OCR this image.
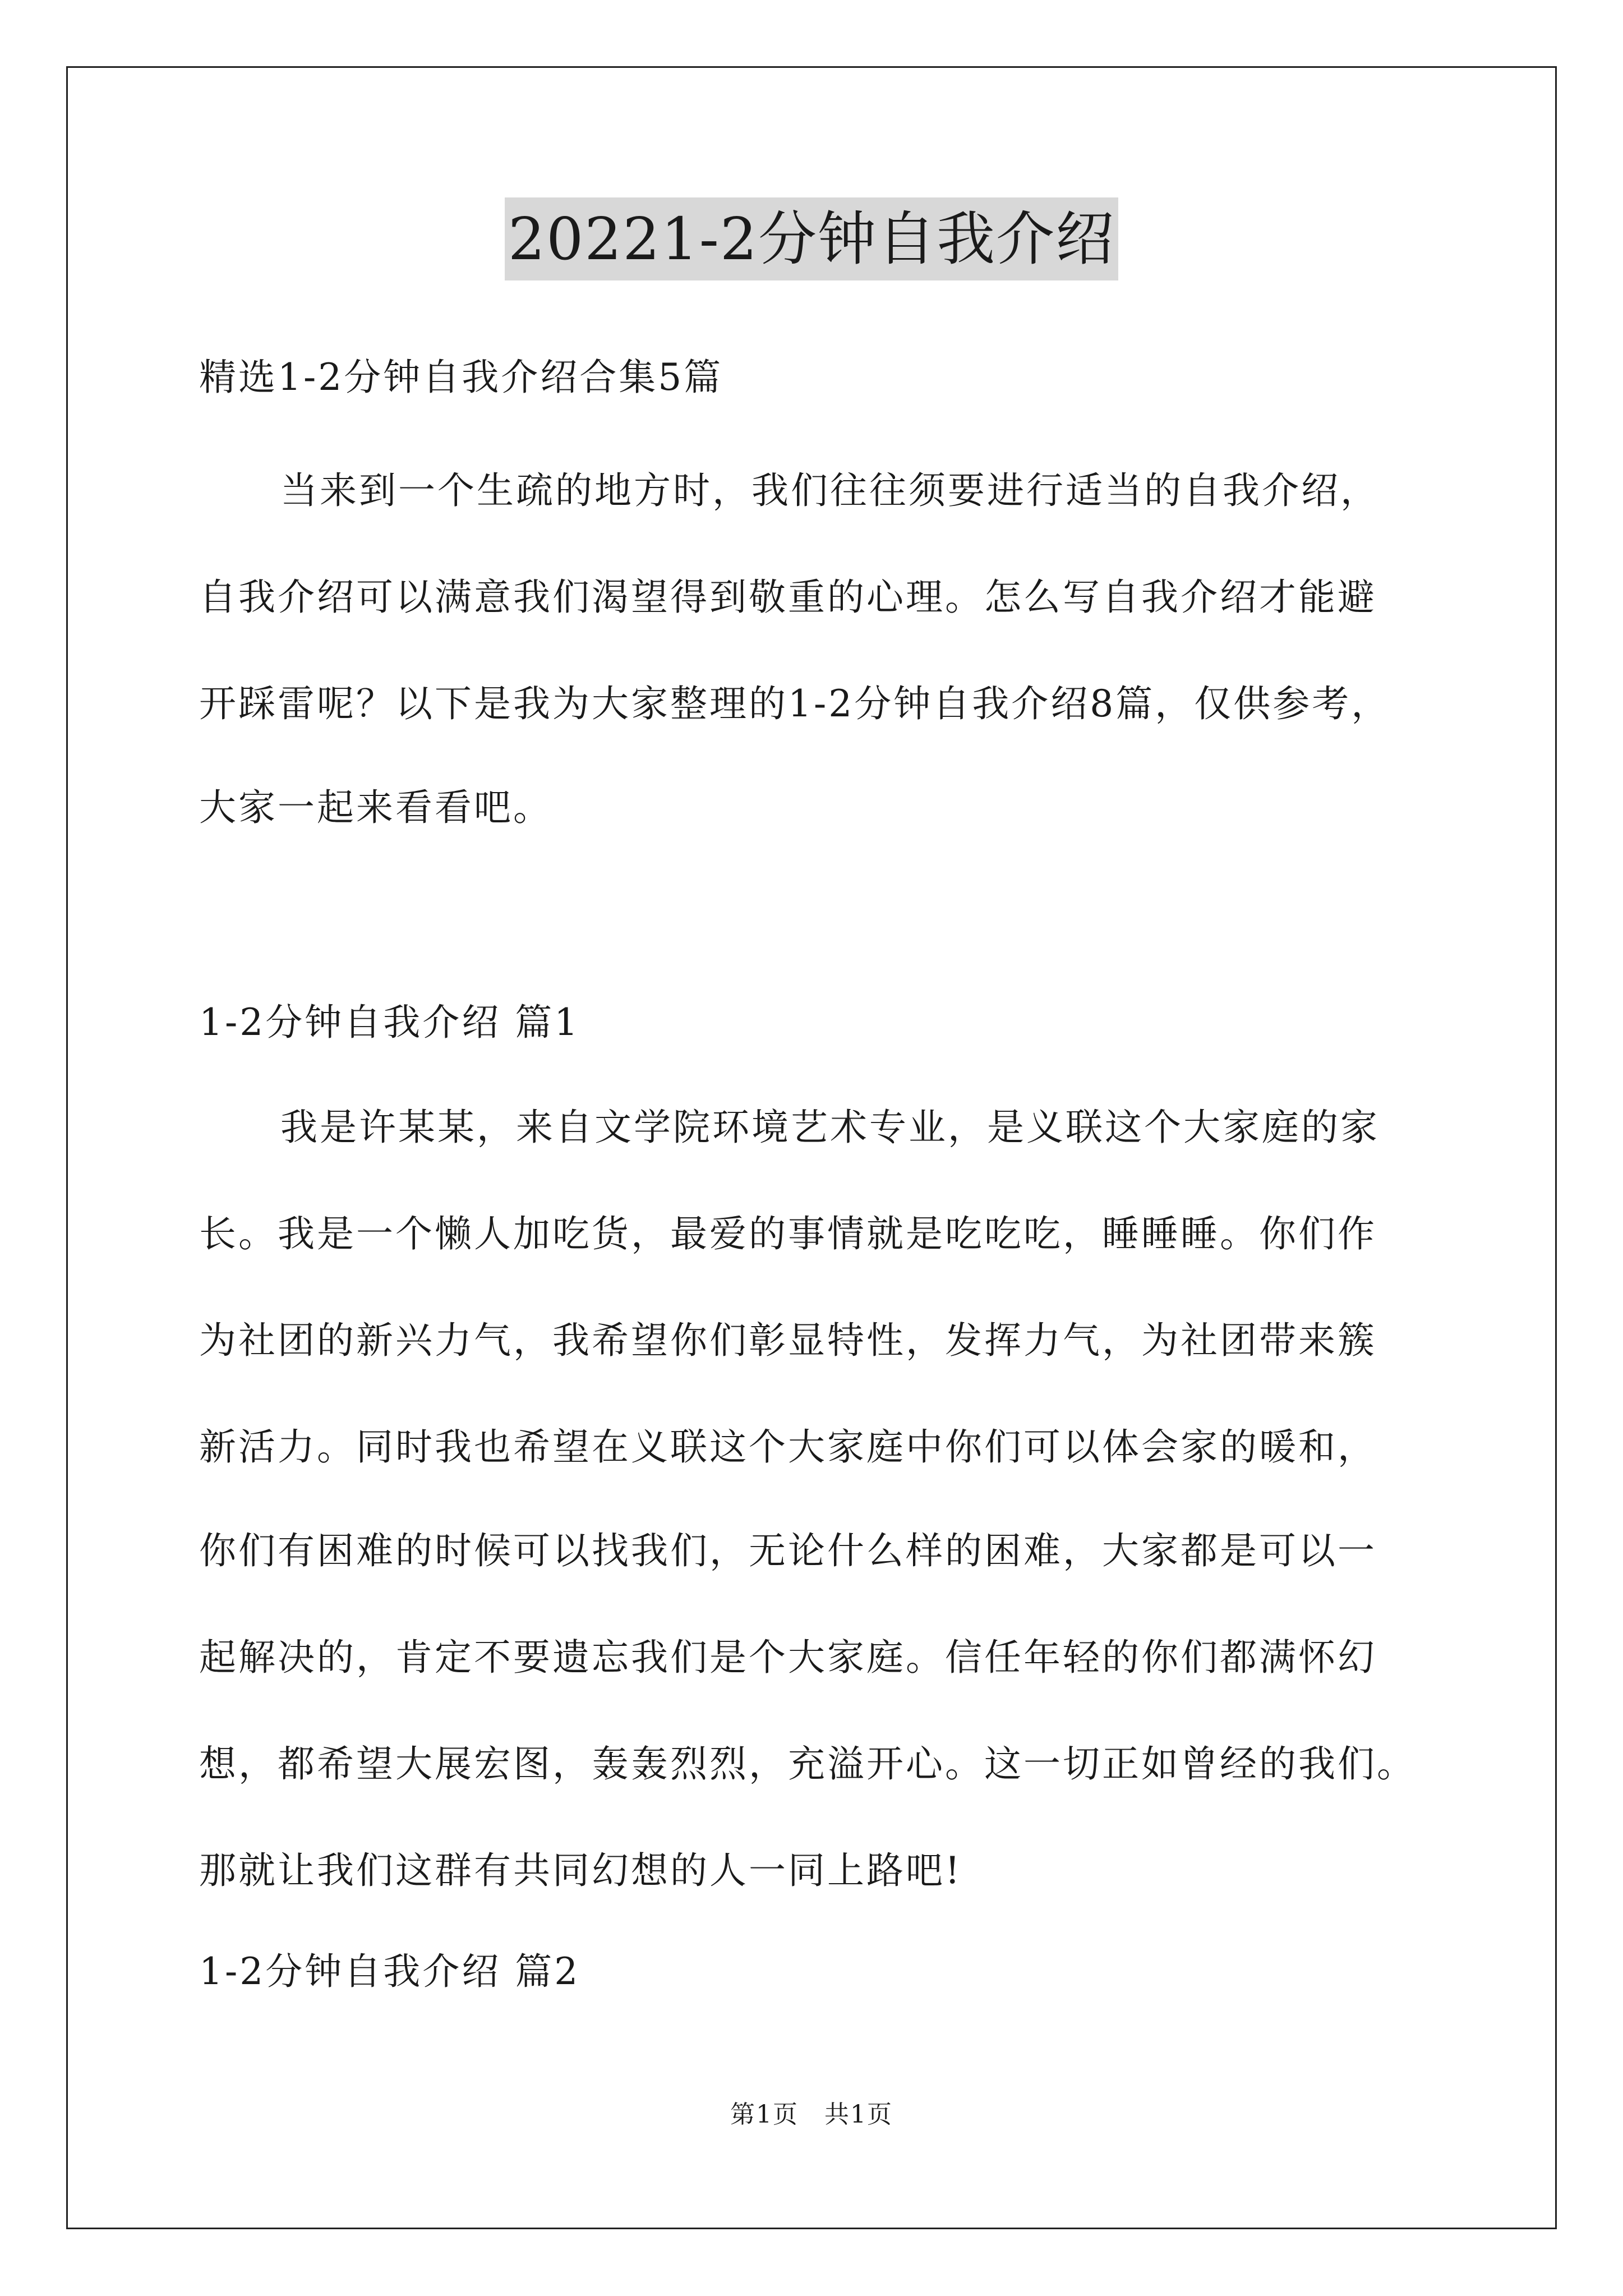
20221-2分钟自我介绍
精选1-2分钟自我介绍合集5篇
当来到一个生疏的地方时，我们往往须要进行适当的自我介绍，
自我介绍可以满意我们渴望得到敬重的心理。怎么写自我介绍才能避
开踩雷呢？以下是我为大家整理的1-2分钟自我介绍8篇，仅供参考，
大家一起来看看吧。
1-2分钟自我介绍 篇1
我是许某某，来自文学院环境艺术专业，是义联这个大家庭的家
长。我是一个懒人加吃货，最爱的事情就是吃吃吃，睡睡睡。你们作
为社团的新兴力气，我希望你们彰显特性，发挥力气，为社团带来簇
新活力。同时我也希望在义联这个大家庭中你们可以体会家的暖和，
你们有困难的时候可以找我们，无论什么样的困难，大家都是可以一
起解决的，肯定不要遗忘我们是个大家庭。信任年轻的你们都满怀幻
想，都希望大展宏图，轰轰烈烈，充溢开心。这一切正如曾经的我们。
那就让我们这群有共同幻想的人一同上路吧!
1-2分钟自我介绍 篇2
第1页　共1页
